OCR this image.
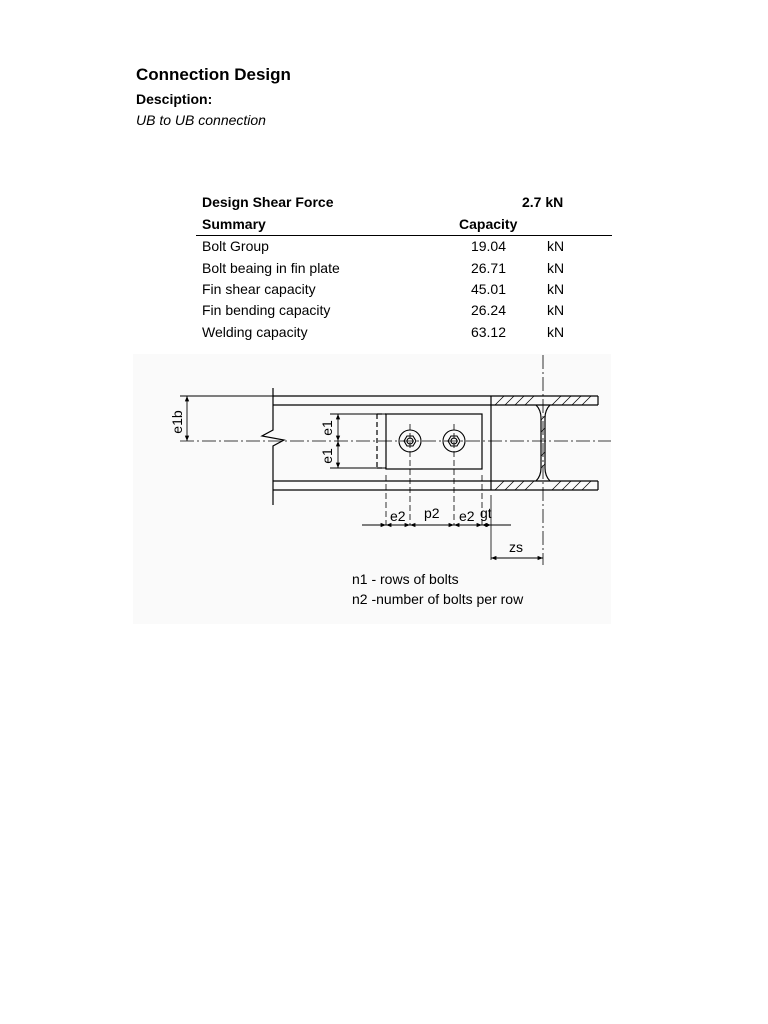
Connection Design
Desciption:
UB to UB connection
Design Shear Force	2.7 kN
Summary	Capacity
Bolt Group	19.04	kN
Bolt beaing in fin plate	26.71	kN
Fin shear capacity	45.01	kN
Fin bending capacity	26.24	kN
Welding capacity	63.12	kN
e1b	e1
e1
e2 p2 e2 gt
zs
n1 - rows of bolts
n2 -number of bolts per row
